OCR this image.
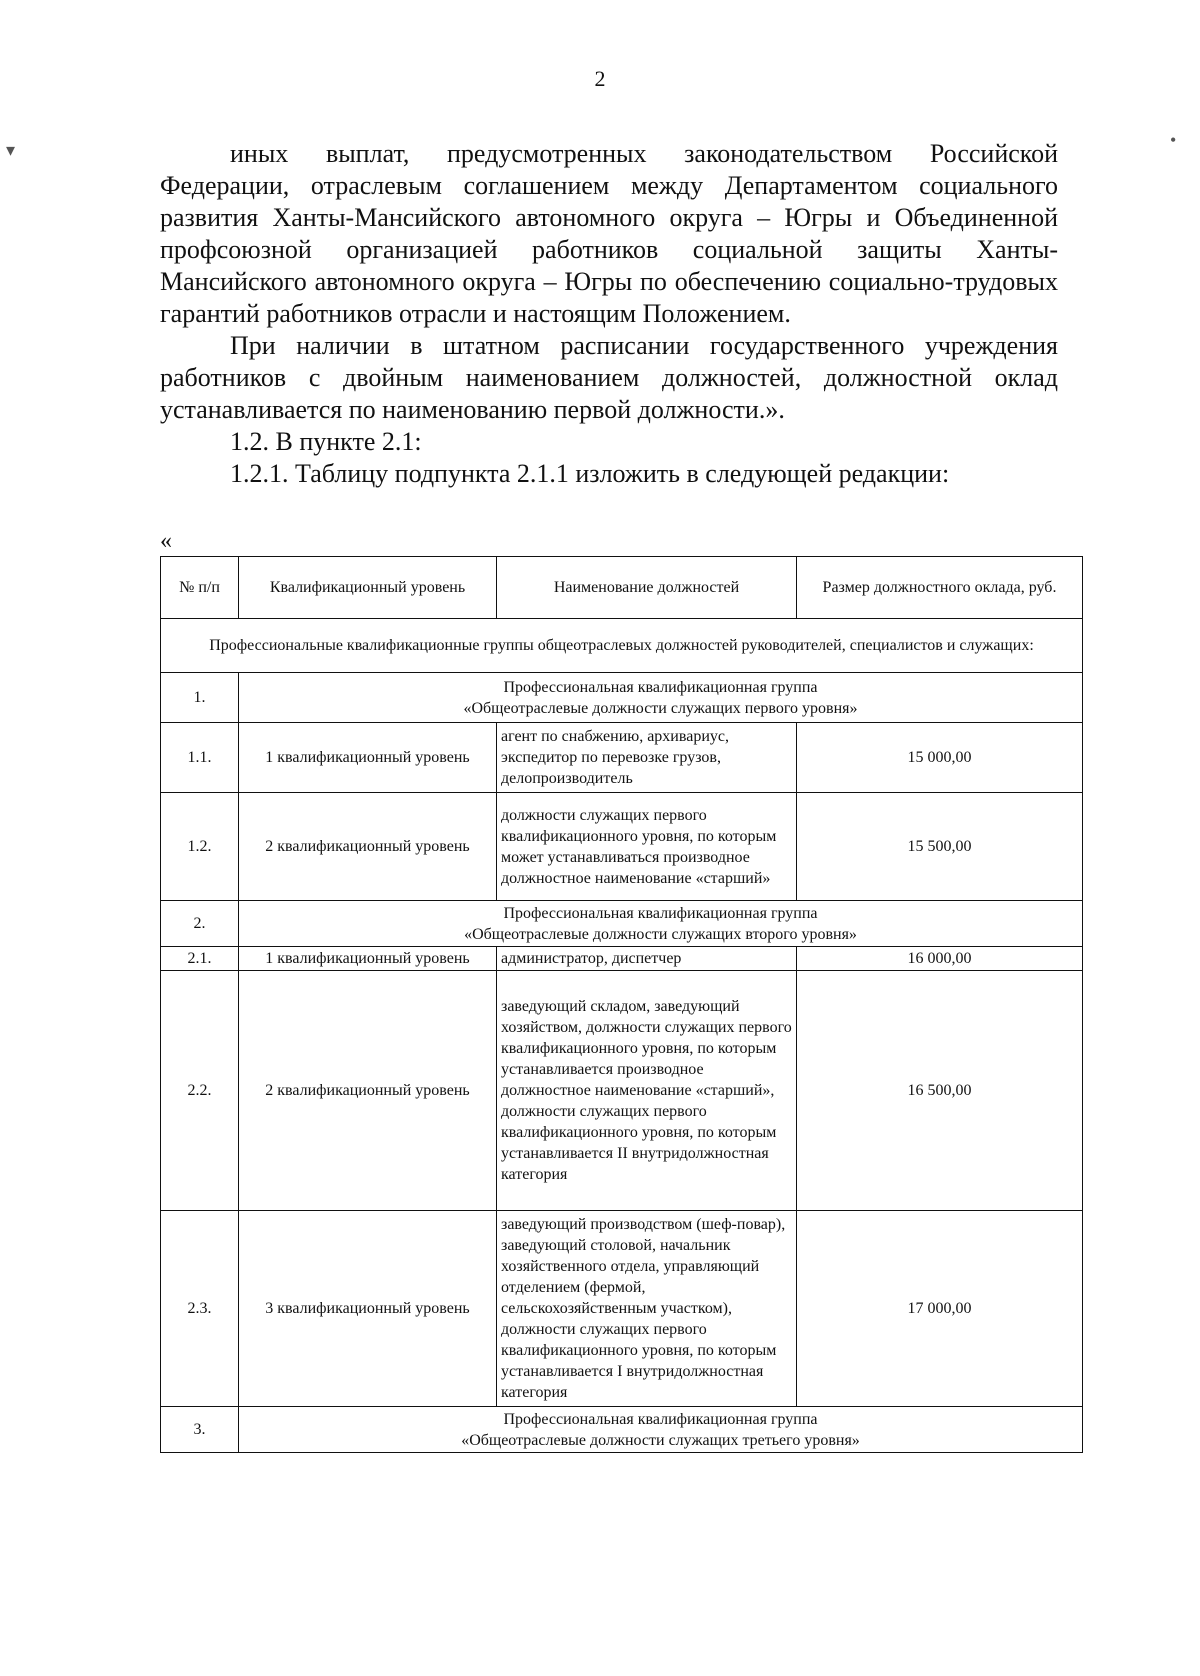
2

иных выплат, предусмотренных законодательством Российской Федерации, отраслевым соглашением между Департаментом социального развития Ханты-Мансийского автономного округа – Югры и Объединенной профсоюзной организацией работников социальной защиты Ханты-Мансийского автономного округа – Югры по обеспечению социально-трудовых гарантий работников отрасли и настоящим Положением.

При наличии в штатном расписании государственного учреждения работников с двойным наименованием должностей, должностной оклад устанавливается по наименованию первой должности.».

1.2. В пункте 2.1:

1.2.1. Таблицу подпункта 2.1.1 изложить в следующей редакции:

«
№ п/п	Квалификационный уровень	Наименование должностей	Размер должностного оклада, руб.
Профессиональные квалификационные группы общеотраслевых должностей руководителей, специалистов и служащих:			
1.	Профессиональная квалификационная группа
«Общеотраслевые должности служащих первого уровня»		

1.1.	1 квалификационный уровень	агент по снабжению, архивариус, экспедитор по перевозке грузов, делопроизводитель	15 000,00
1.2.	2 квалификационный уровень	должности служащих первого квалификационного уровня, по которым может устанавливаться производное должностное наименование «старший»	15 500,00
2.	Профессиональная квалификационная группа
«Общеотраслевые должности служащих второго уровня»		

2.1.	1 квалификационный уровень	администратор, диспетчер	16 000,00
2.2.	2 квалификационный уровень	заведующий складом, заведующий хозяйством, должности служащих первого квалификационного уровня, по которым устанавливается производное должностное наименование «старший», должности служащих первого квалификационного уровня, по которым устанавливается II внутридолжностная категория	16 500,00
2.3.	3 квалификационный уровень	заведующий производством (шеф-повар), заведующий столовой, начальник хозяйственного отдела, управляющий отделением (фермой, сельскохозяйственным участком), должности служащих первого квалификационного уровня, по которым устанавливается I внутридолжностная категория	17 000,00
3.	Профессиональная квалификационная группа
«Общеотраслевые должности служащих третьего уровня»		
▾	•
